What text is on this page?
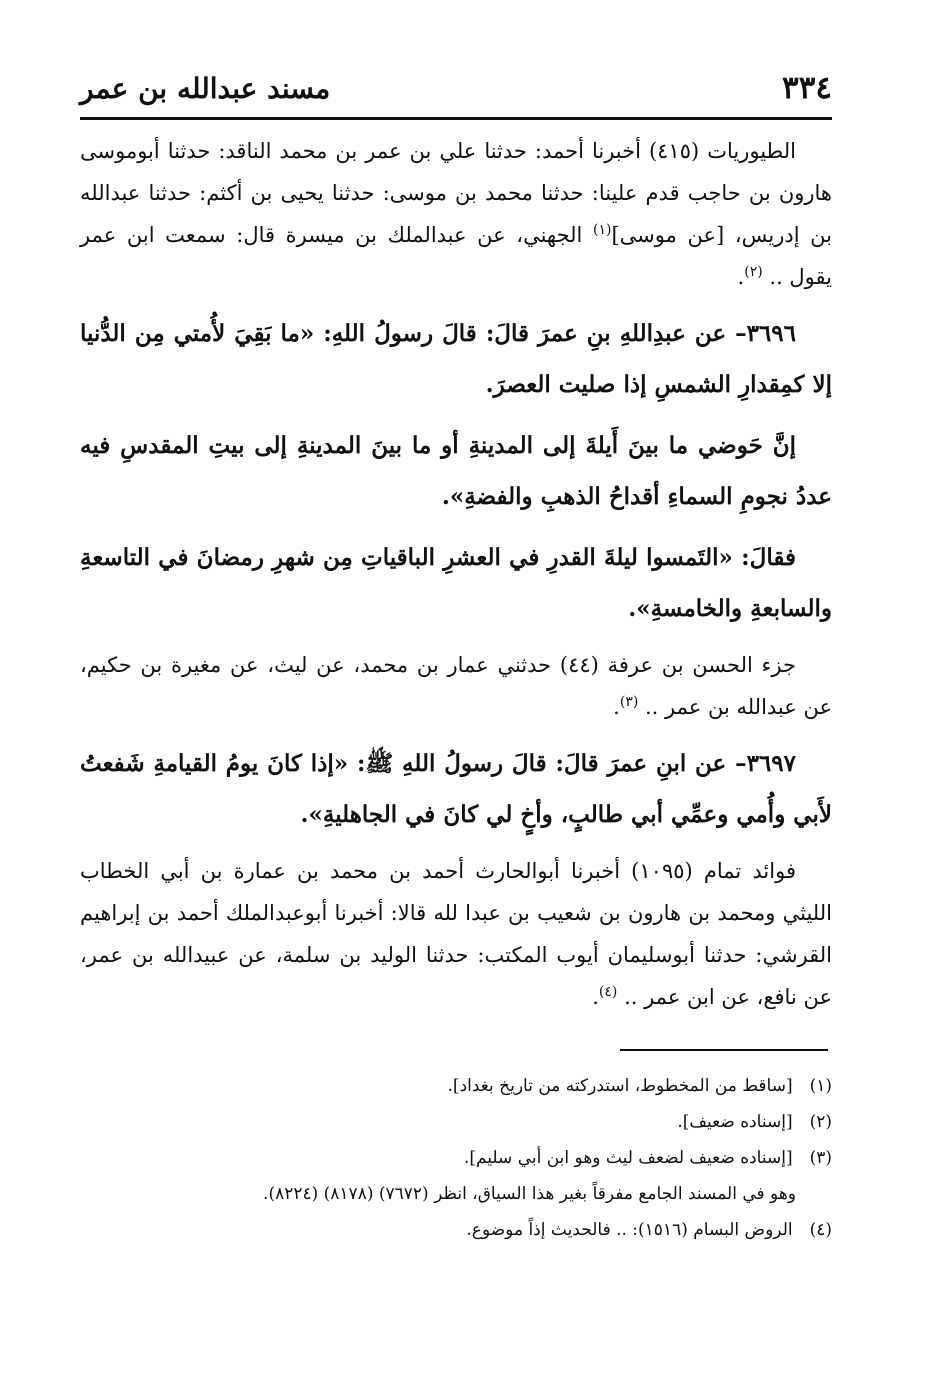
٣٣٤
مسند عبدالله بن عمر

الطيوريات (٤١٥) أخبرنا أحمد: حدثنا علي بن عمر بن محمد الناقد: حدثنا أبوموسى هارون بن حاجب قدم علينا: حدثنا محمد بن موسى: حدثنا يحيى بن أكثم: حدثنا عبدالله بن إدريس، [عن موسى]$^{(١)}$ الجهني، عن عبدالملك بن ميسرة قال: سمعت ابن عمر يقول .. $^{(٢)}$.

٣٦٩٦– عن عبدِاللهِ بنِ عمرَ قالَ: قالَ رسولُ اللهِ: «ما بَقِيَ لأُمتي مِن الدُّنيا إلا كمِقدارِ الشمسِ إذا صليت العصرَ.

إنَّ حَوضي ما بينَ أَيلةَ إلى المدينةِ أو ما بينَ المدينةِ إلى بيتِ المقدسِ فيه عددُ نجومِ السماءِ أقداحُ الذهبِ والفضةِ».

فقالَ: «التَمسوا ليلةَ القدرِ في العشرِ الباقياتِ مِن شهرِ رمضانَ في التاسعةِ والسابعةِ والخامسةِ».

جزء الحسن بن عرفة (٤٤) حدثني عمار بن محمد، عن ليث، عن مغيرة بن حكيم، عن عبدالله بن عمر .. $^{(٣)}$.

٣٦٩٧– عن ابنِ عمرَ قالَ: قالَ رسولُ اللهِ ﷺ: «إذا كانَ يومُ القيامةِ شَفعتُ لأَبي وأُمي وعمِّي أبي طالبٍ، وأخٍ لي كانَ في الجاهليةِ».

فوائد تمام (١٠٩٥) أخبرنا أبوالحارث أحمد بن محمد بن عمارة بن أبي الخطاب الليثي ومحمد بن هارون بن شعيب بن عبدا لله قالا: أخبرنا أبوعبدالملك أحمد بن إبراهيم القرشي: حدثنا أبوسليمان أيوب المكتب: حدثنا الوليد بن سلمة، عن عبيدالله بن عمر، عن نافع، عن ابن عمر .. $^{(٤)}$.

(١) [ساقط من المخطوط، استدركته من تاريخ بغداد].

(٢) [إسناده ضعيف].

(٣) [إسناده ضعيف لضعف ليث وهو ابن أبي سليم].

وهو في المسند الجامع مفرقاً بغير هذا السياق، انظر (٧٦٧٢) (٨١٧٨) (٨٢٢٤).

(٤) الروض البسام (١٥١٦): .. فالحديث إذاً موضوع.
